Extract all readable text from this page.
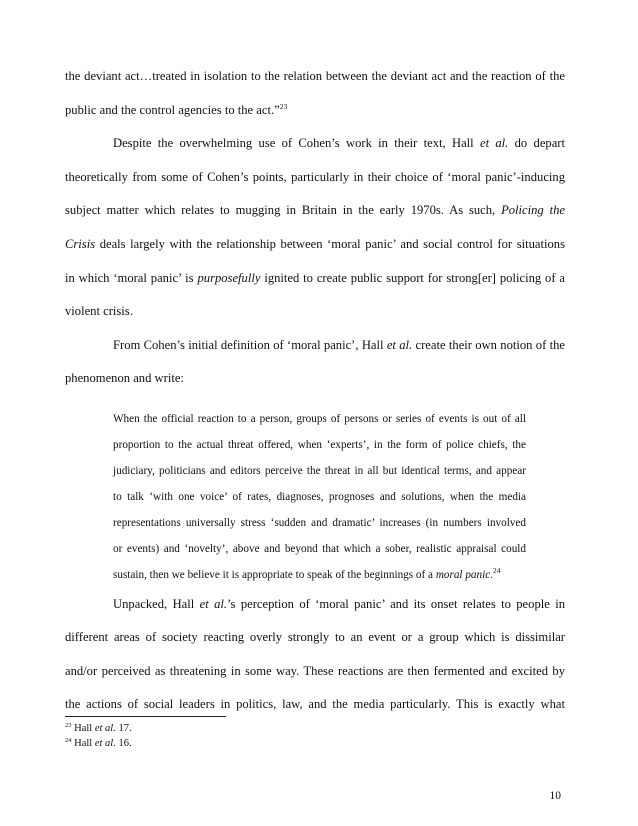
the deviant act…treated in isolation to the relation between the deviant act and the reaction of the
public and the control agencies to the act.”$^{23}$
Despite the overwhelming use of Cohen’s work in their text, Hall et al. do depart
theoretically from some of Cohen’s points, particularly in their choice of ‘moral panic’-inducing
subject matter which relates to mugging in Britain in the early 1970s. As such, Policing the
Crisis deals largely with the relationship between ‘moral panic’ and social control for situations
in which ‘moral panic’ is purposefully ignited to create public support for strong[er] policing of a
violent crisis.
From Cohen’s initial definition of ‘moral panic’, Hall et al. create their own notion of the
phenomenon and write:
When the official reaction to a person, groups of persons or series of events is out of all
proportion to the actual threat offered, when ‘experts’, in the form of police chiefs, the
judiciary, politicians and editors perceive the threat in all but identical terms, and appear
to talk ‘with one voice’ of rates, diagnoses, prognoses and solutions, when the media
representations universally stress ‘sudden and dramatic’ increases (in numbers involved
or events) and ‘novelty’, above and beyond that which a sober, realistic appraisal could
sustain, then we believe it is appropriate to speak of the beginnings of a moral panic.$^{24}$
Unpacked, Hall et al.’s perception of ‘moral panic’ and its onset relates to people in
different areas of society reacting overly strongly to an event or a group which is dissimilar
and/or perceived as threatening in some way. These reactions are then fermented and excited by
$^{23}$ Hall et al. 17.
$^{24}$ Hall et al. 16.
10
the actions of social leaders in politics, law, and the media particularly. This is exactly what
